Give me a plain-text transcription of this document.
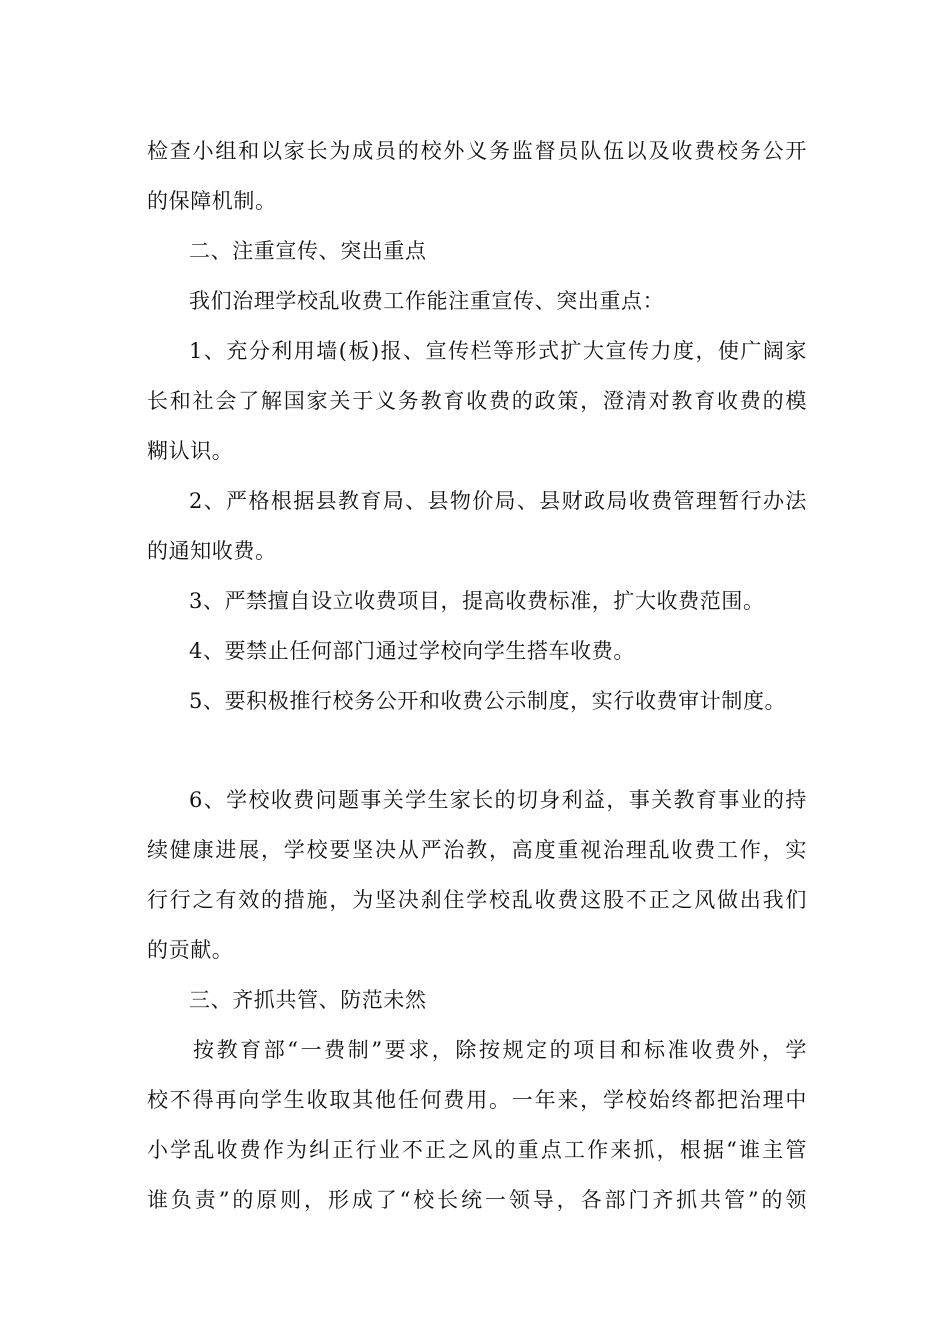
检查小组和以家长为成员的校外义务监督员队伍以及收费校务公开
的保障机制。
二、注重宣传、突出重点
我们治理学校乱收费工作能注重宣传、突出重点：
1、充分利用墙(板)报、宣传栏等形式扩大宣传力度，使广阔家
长和社会了解国家关于义务教育收费的政策，澄清对教育收费的模
糊认识。
2、严格根据县教育局、县物价局、县财政局收费管理暂行办法
的通知收费。
3、严禁擅自设立收费项目，提高收费标准，扩大收费范围。
4、要禁止任何部门通过学校向学生搭车收费。
5、要积极推行校务公开和收费公示制度，实行收费审计制度。
6、学校收费问题事关学生家长的切身利益，事关教育事业的持
续健康进展，学校要坚决从严治教，高度重视治理乱收费工作，实
行行之有效的措施，为坚决刹住学校乱收费这股不正之风做出我们
的贡献。
三、齐抓共管、防范未然
按教育部“一费制”要求，除按规定的项目和标准收费外，学
校不得再向学生收取其他任何费用。一年来，学校始终都把治理中
小学乱收费作为纠正行业不正之风的重点工作来抓，根据“谁主管
谁负责”的原则，形成了“校长统一领导，各部门齐抓共管”的领
